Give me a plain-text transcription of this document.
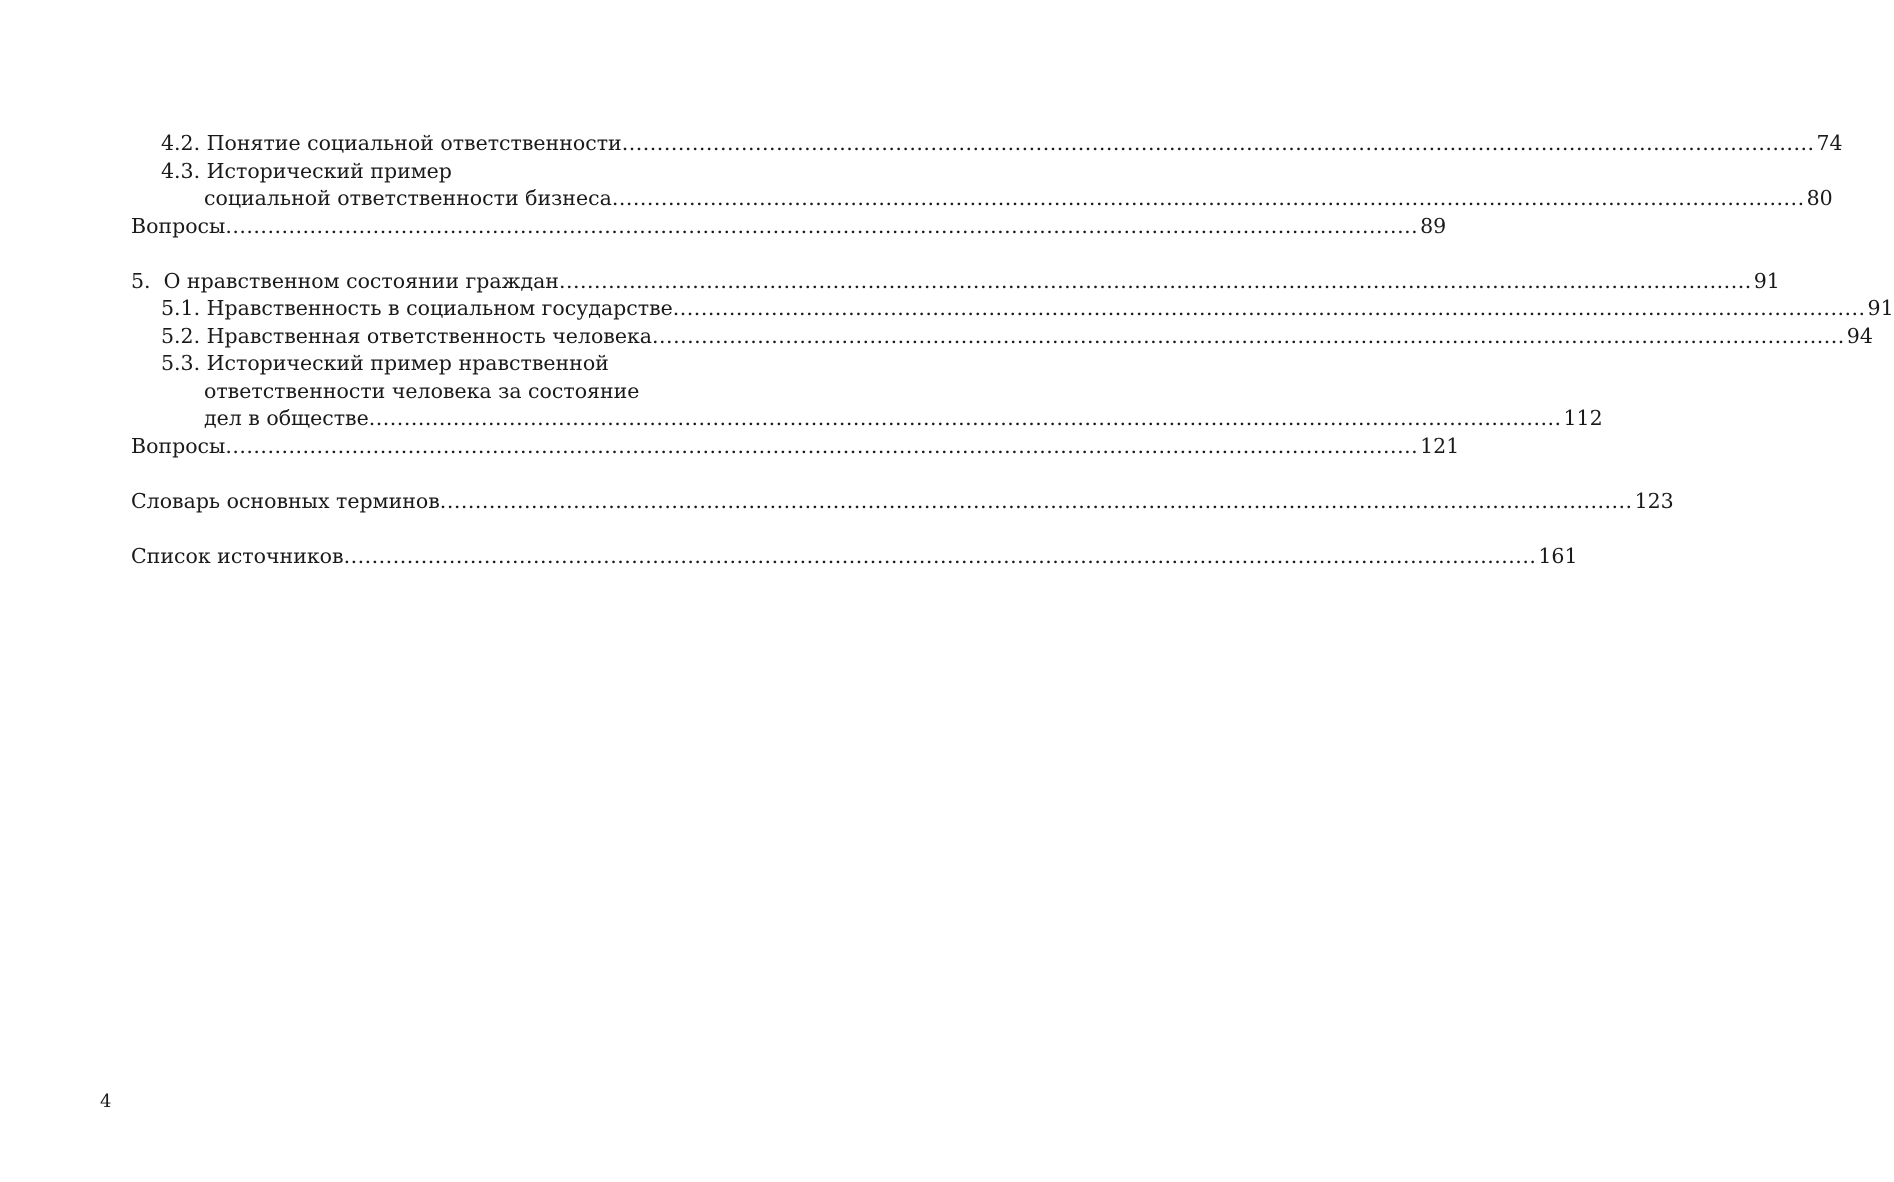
4.2. Понятие социальной ответственности .....	74
4.3. Исторический пример
социальной ответственности бизнеса .....	80
Вопросы .....	89
5.  О нравственном состоянии граждан .....	91
5.1. Нравственность в социальном государстве .....	91
5.2. Нравственная ответственность человека .....	94
5.3. Исторический пример нравственной
ответственности человека за состояние
дел в обществе .....	112
Вопросы .....	121
Словарь основных терминов .....	123
Список источников .....	161
4
